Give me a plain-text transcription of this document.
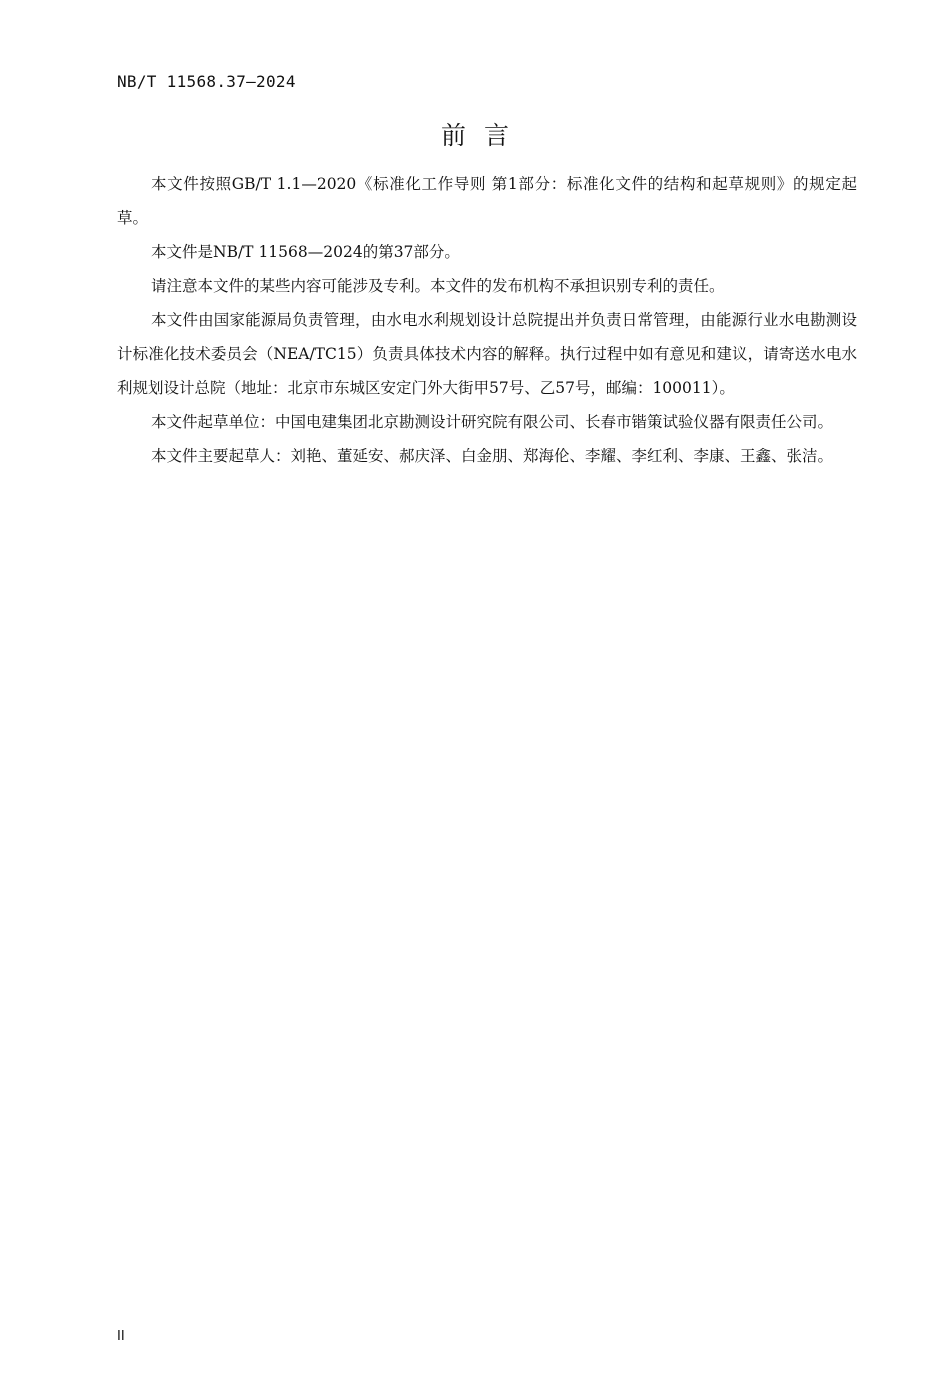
NB/T 11568.37—2024
前言

本文件按照GB/T 1.1—2020《标准化工作导则 第1部分：标准化文件的结构和起草规则》的规定起草。

本文件是NB/T 11568—2024的第37部分。

请注意本文件的某些内容可能涉及专利。本文件的发布机构不承担识别专利的责任。

本文件由国家能源局负责管理，由水电水利规划设计总院提出并负责日常管理，由能源行业水电勘测设计标准化技术委员会（NEA/TC15）负责具体技术内容的解释。执行过程中如有意见和建议，请寄送水电水利规划设计总院（地址：北京市东城区安定门外大街甲57号、乙57号，邮编：100011）。

本文件起草单位：中国电建集团北京勘测设计研究院有限公司、长春市锴策试验仪器有限责任公司。

本文件主要起草人：刘艳、董延安、郝庆泽、白金朋、郑海伦、李耀、李红利、李康、王鑫、张洁。

II
